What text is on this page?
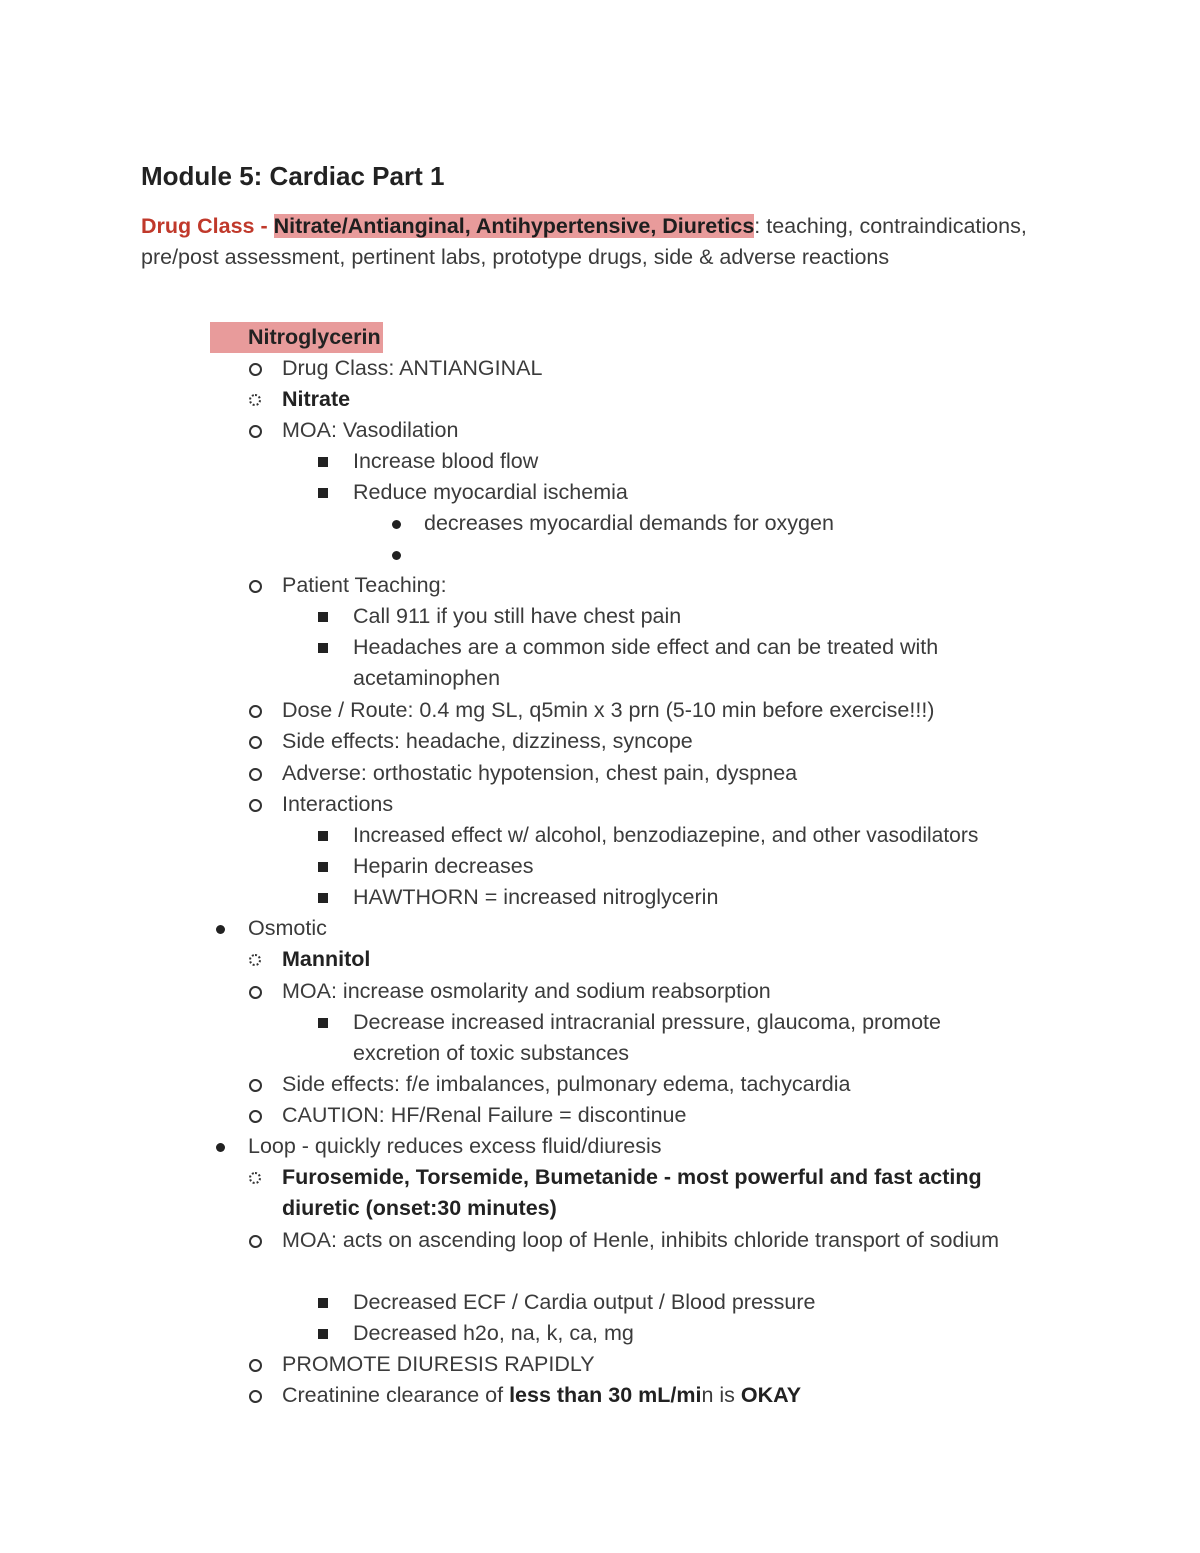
Module 5: Cardiac Part 1

Drug Class - Nitrate/Antianginal, Antihypertensive, Diuretics: teaching, contraindications, pre/post assessment, pertinent labs, prototype drugs, side & adverse reactions

Nitroglycerin
Drug Class: ANTIANGINAL
Nitrate
MOA: Vasodilation
Increase blood flow
Reduce myocardial ischemia
decreases myocardial demands for oxygen
Patient Teaching:
Call 911 if you still have chest pain
Headaches are a common side effect and can be treated with acetaminophen
Dose / Route: 0.4 mg SL, q5min x 3 prn (5-10 min before exercise!!!)
Side effects: headache, dizziness, syncope
Adverse: orthostatic hypotension, chest pain, dyspnea
Interactions
Increased effect w/ alcohol, benzodiazepine, and other vasodilators
Heparin decreases
HAWTHORN = increased nitroglycerin
Osmotic
Mannitol
MOA: increase osmolarity and sodium reabsorption
Decrease increased intracranial pressure, glaucoma, promote excretion of toxic substances
Side effects: f/e imbalances, pulmonary edema, tachycardia
CAUTION: HF/Renal Failure = discontinue
Loop - quickly reduces excess fluid/diuresis
Furosemide, Torsemide, Bumetanide - most powerful and fast acting diuretic (onset:30 minutes)
MOA: acts on ascending loop of Henle, inhibits chloride transport of sodium
Decreased ECF / Cardia output / Blood pressure
Decreased h2o, na, k, ca, mg
PROMOTE DIURESIS RAPIDLY
Creatinine clearance of less than 30 mL/min is OKAY
